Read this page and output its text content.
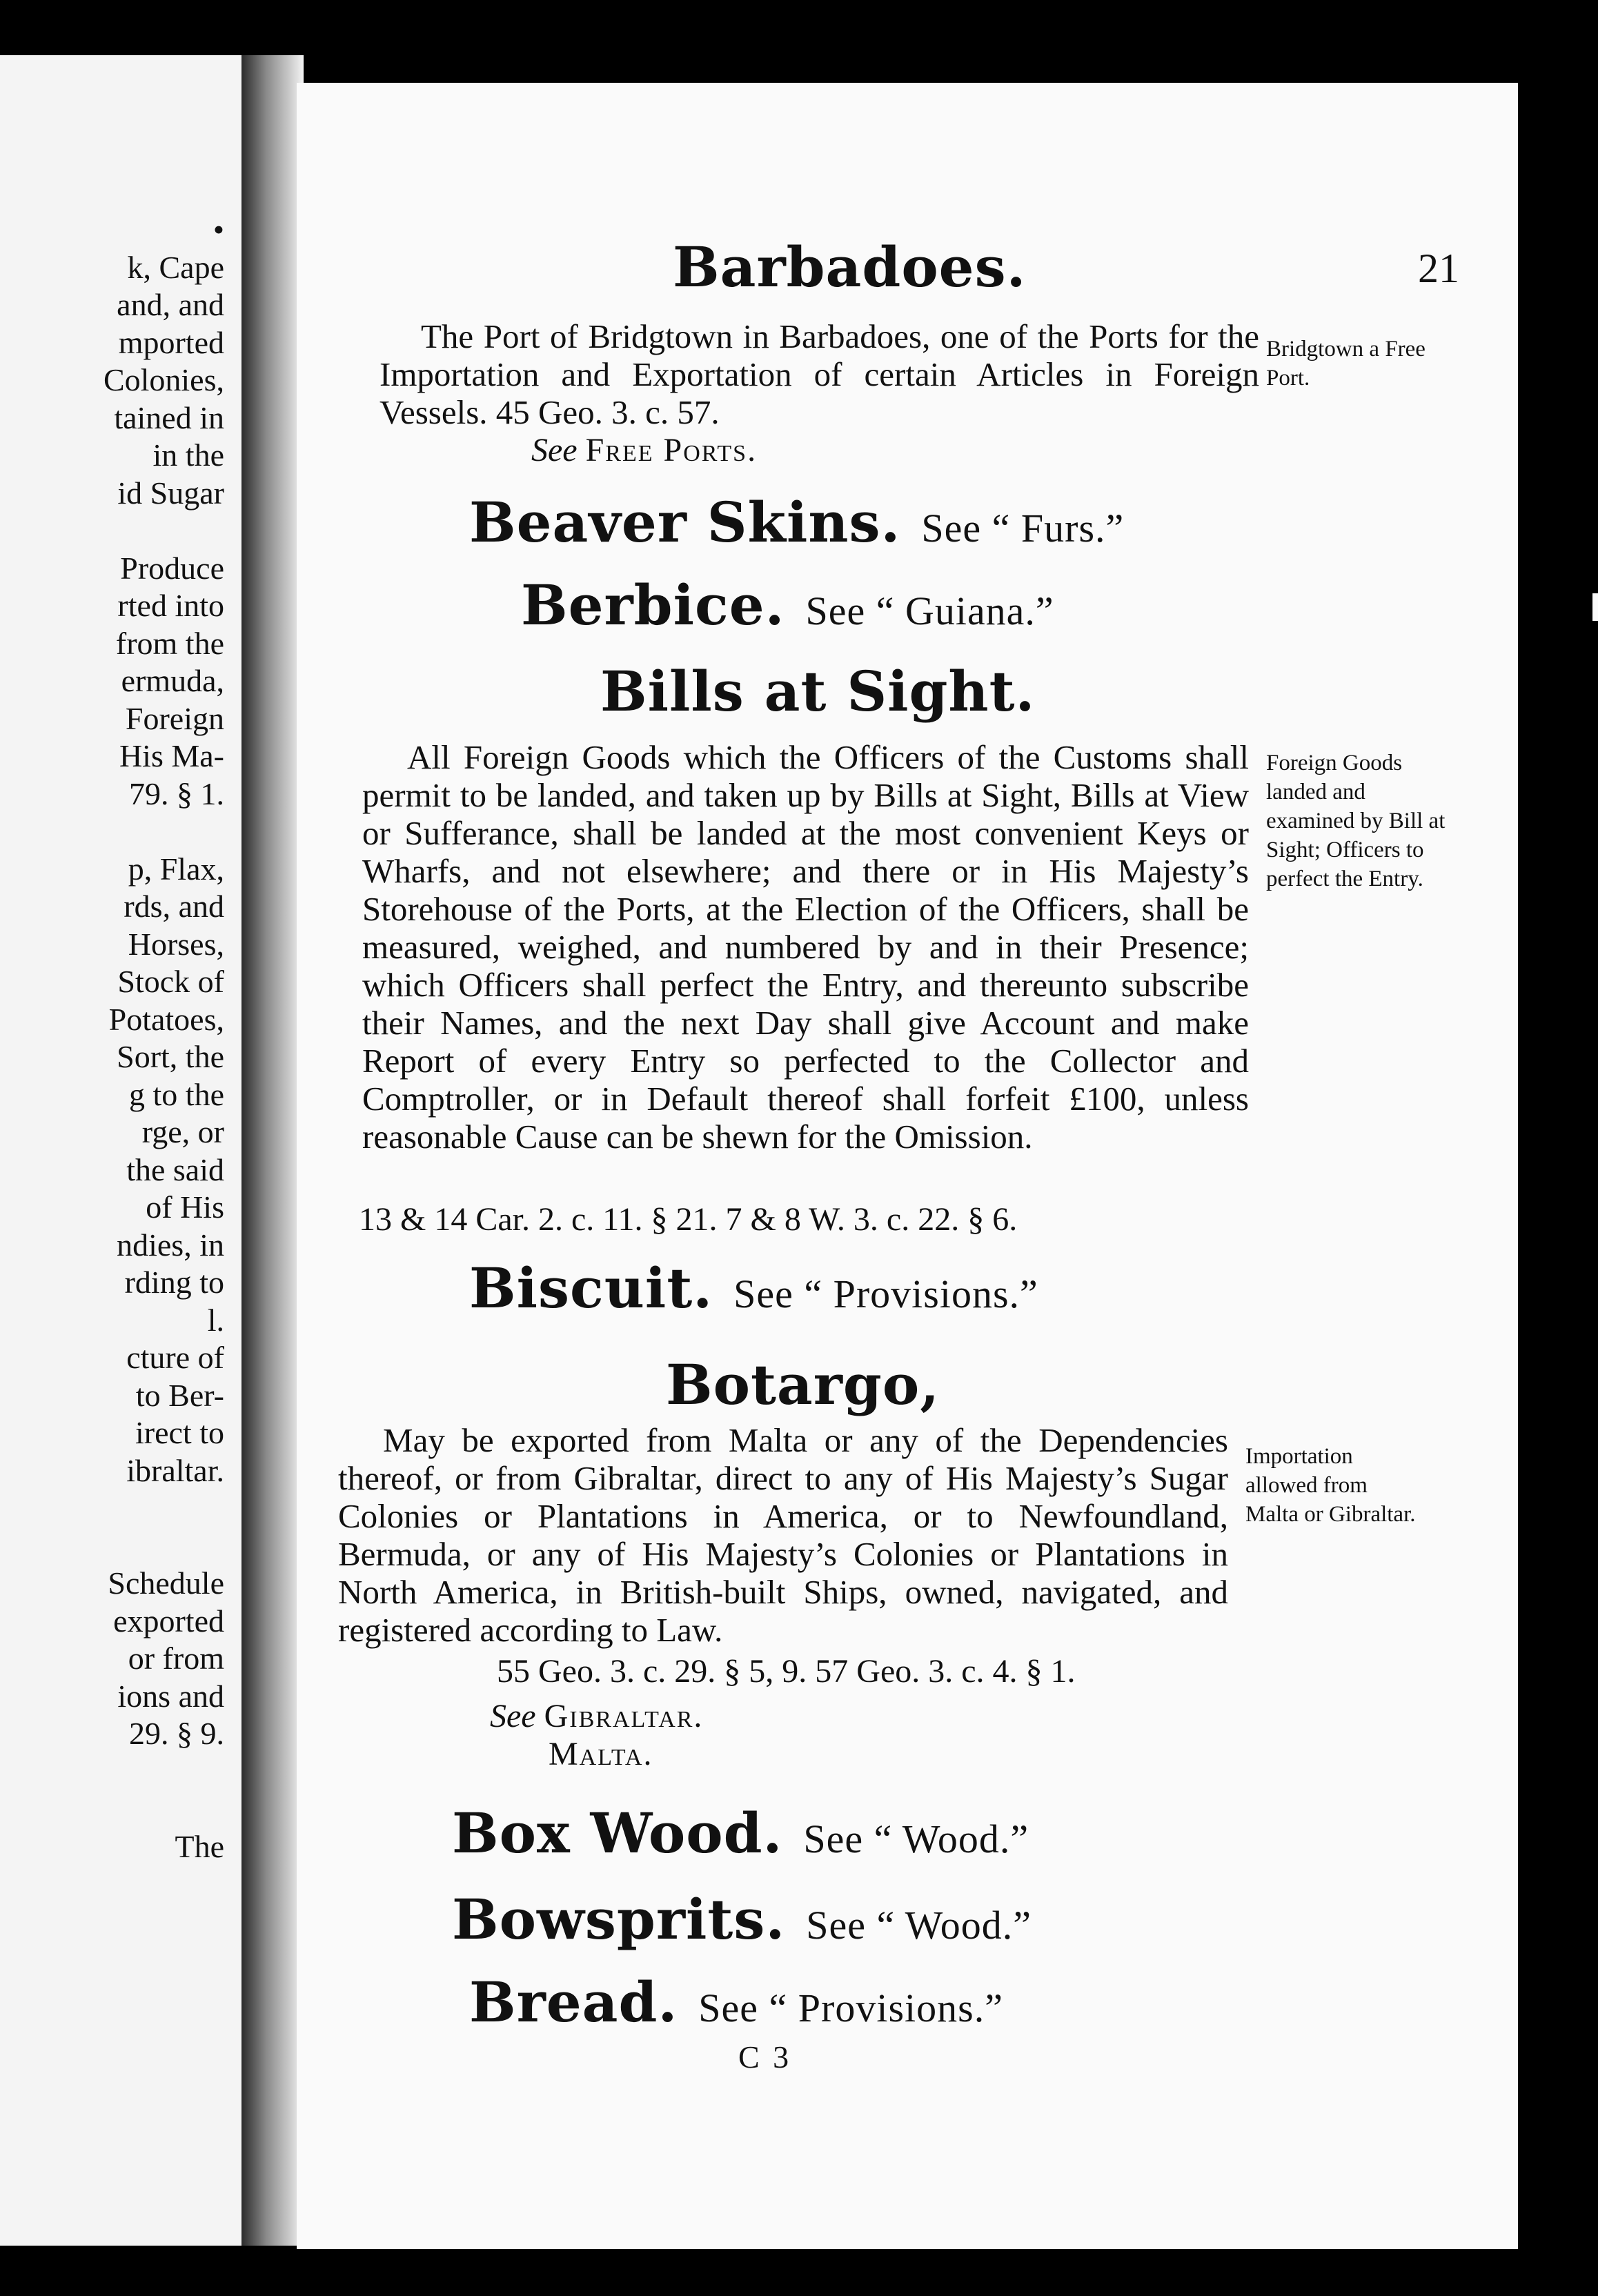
•
k, Cape
and, and
mported
Colonies,
tained in
in the
id Sugar
Produce
rted into
from the
ermuda,
Foreign
His Ma-
79. § 1.
p, Flax,
rds, and
Horses,
Stock of
Potatoes,
Sort, the
g to the
rge, or
the said
of His
ndies, in
rding to
l.
cture of
to Ber-
irect to
ibraltar.
Schedule
exported
or from
ions and
29. § 9.
The
21
Barbadoes.

The Port of Bridgtown in Barbadoes, one of the Ports for the Importation and Exportation of certain Articles in Foreign Vessels. 45 Geo. 3. c. 57.

See Free Ports.
Bridgtown a Free Port.
Beaver Skins. See “ Furs.”
Berbice. See “ Guiana.”
Bills at Sight.

All Foreign Goods which the Officers of the Customs shall permit to be landed, and taken up by Bills at Sight, Bills at View or Sufferance, shall be landed at the most convenient Keys or Wharfs, and not elsewhere; and there or in His Majesty’s Storehouse of the Ports, at the Election of the Officers, shall be measured, weighed, and numbered by and in their Presence; which Officers shall perfect the Entry, and thereunto subscribe their Names, and the next Day shall give Account and make Report of every Entry so perfected to the Collector and Comptroller, or in Default thereof shall forfeit £100, unless reasonable Cause can be shewn for the Omission.

13 & 14 Car. 2. c. 11. § 21. 7 & 8 W. 3. c. 22. § 6.
Foreign Goods landed and examined by Bill at Sight; Officers to perfect the Entry.
Biscuit. See “ Provisions.”
Botargo,

May be exported from Malta or any of the Dependencies thereof, or from Gibraltar, direct to any of His Majesty’s Sugar Colonies or Plantations in America, or to Newfoundland, Bermuda, or any of His Majesty’s Colonies or Plantations in North America, in British-built Ships, owned, navigated, and registered according to Law.

55 Geo. 3. c. 29. § 5, 9. 57 Geo. 3. c. 4. § 1.
See Gibraltar.
Malta.
Importation allowed from Malta or Gibraltar.
Box Wood. See “ Wood.”
Bowsprits. See “ Wood.”
Bread. See “ Provisions.”
C 3
